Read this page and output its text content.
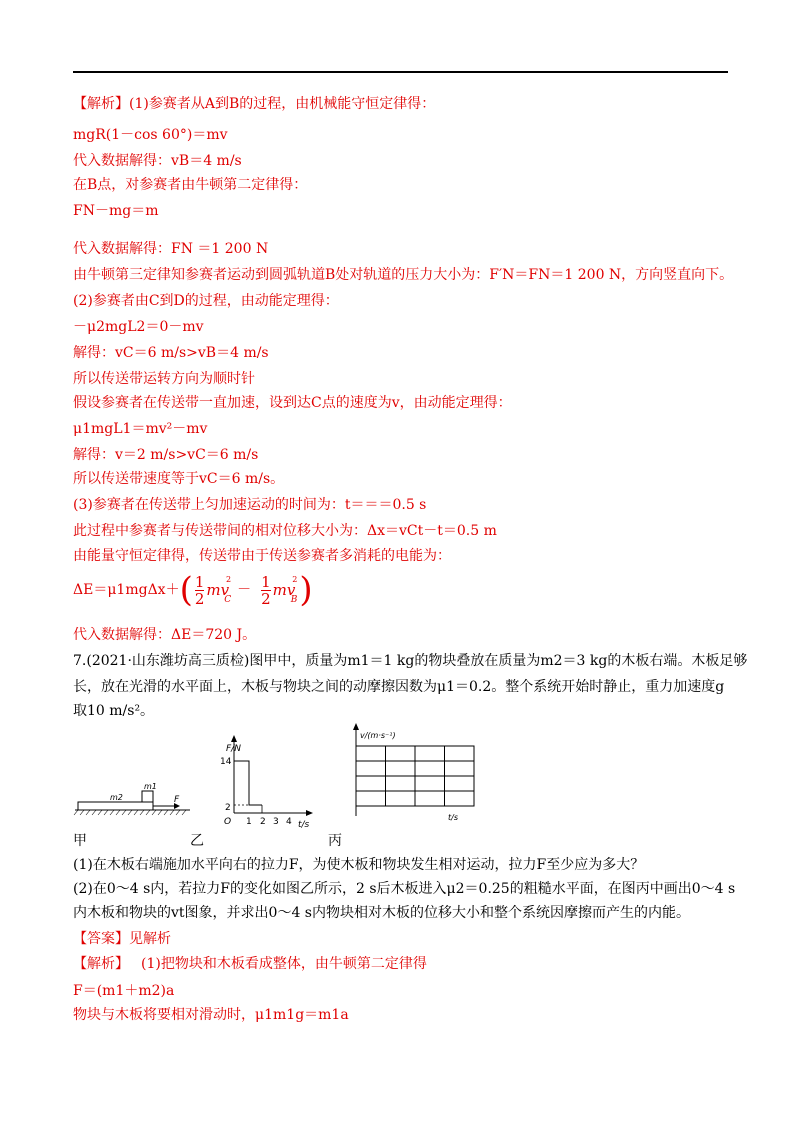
【解析】(1)参赛者从A到B的过程，由机械能守恒定律得：
mgR(1－cos 60°)＝mv
代入数据解得：vB＝4 m/s
在B点，对参赛者由牛顿第二定律得：
FN－mg＝m
代入数据解得：FN ＝1 200 N
由牛顿第三定律知参赛者运动到圆弧轨道B处对轨道的压力大小为：F′N＝FN＝1 200 N，方向竖直向下。
(2)参赛者由C到D的过程，由动能定理得：
－μ2mgL2＝0－mv
解得：vC＝6 m/s>vB＝4 m/s
所以传送带运转方向为顺时针
假设参赛者在传送带一直加速，设到达C点的速度为v，由动能定理得：
μ1mgL1＝mv²－mv
解得：v＝2 m/s>vC＝6 m/s
所以传送带速度等于vC＝6 m/s。
(3)参赛者在传送带上匀加速运动的时间为：t＝＝＝0.5 s
此过程中参赛者与传送带间的相对位移大小为：Δx＝vCt－t＝0.5 m
由能量守恒定律得，传送带由于传送参赛者多消耗的电能为：
$\Delta E=\mu 1mg\Delta x+( \frac{1}{2}$ mv
2
C
－ $\frac{1}{2}$ mv
2
B )
代入数据解得：ΔE＝720 J。
7.(2021·山东潍坊高三质检)图甲中，质量为m1＝1 kg的物块叠放在质量为m2＝3 kg的木板右端。木板足够
长，放在光滑的水平面上，木板与物块之间的动摩擦因数为μ1＝0.2。整个系统开始时静止，重力加速度g
取10 m/s²。
m1
m2	F
F/N
t/s
O
14
2
1 2 3 4
v/(m·s⁻¹)
t/s
甲	乙	丙
(1)在木板右端施加水平向右的拉力F，为使木板和物块发生相对运动，拉力F至少应为多大？
(2)在0～4 s内，若拉力F的变化如图乙所示，2 s后木板进入μ2＝0.25的粗糙水平面，在图丙中画出0～4 s
内木板和物块的vt图象，并求出0～4 s内物块相对木板的位移大小和整个系统因摩擦而产生的内能。
【答案】见解析
【解析】 (1)把物块和木板看成整体，由牛顿第二定律得
F＝(m1＋m2)a
物块与木板将要相对滑动时，μ1m1g＝m1a
